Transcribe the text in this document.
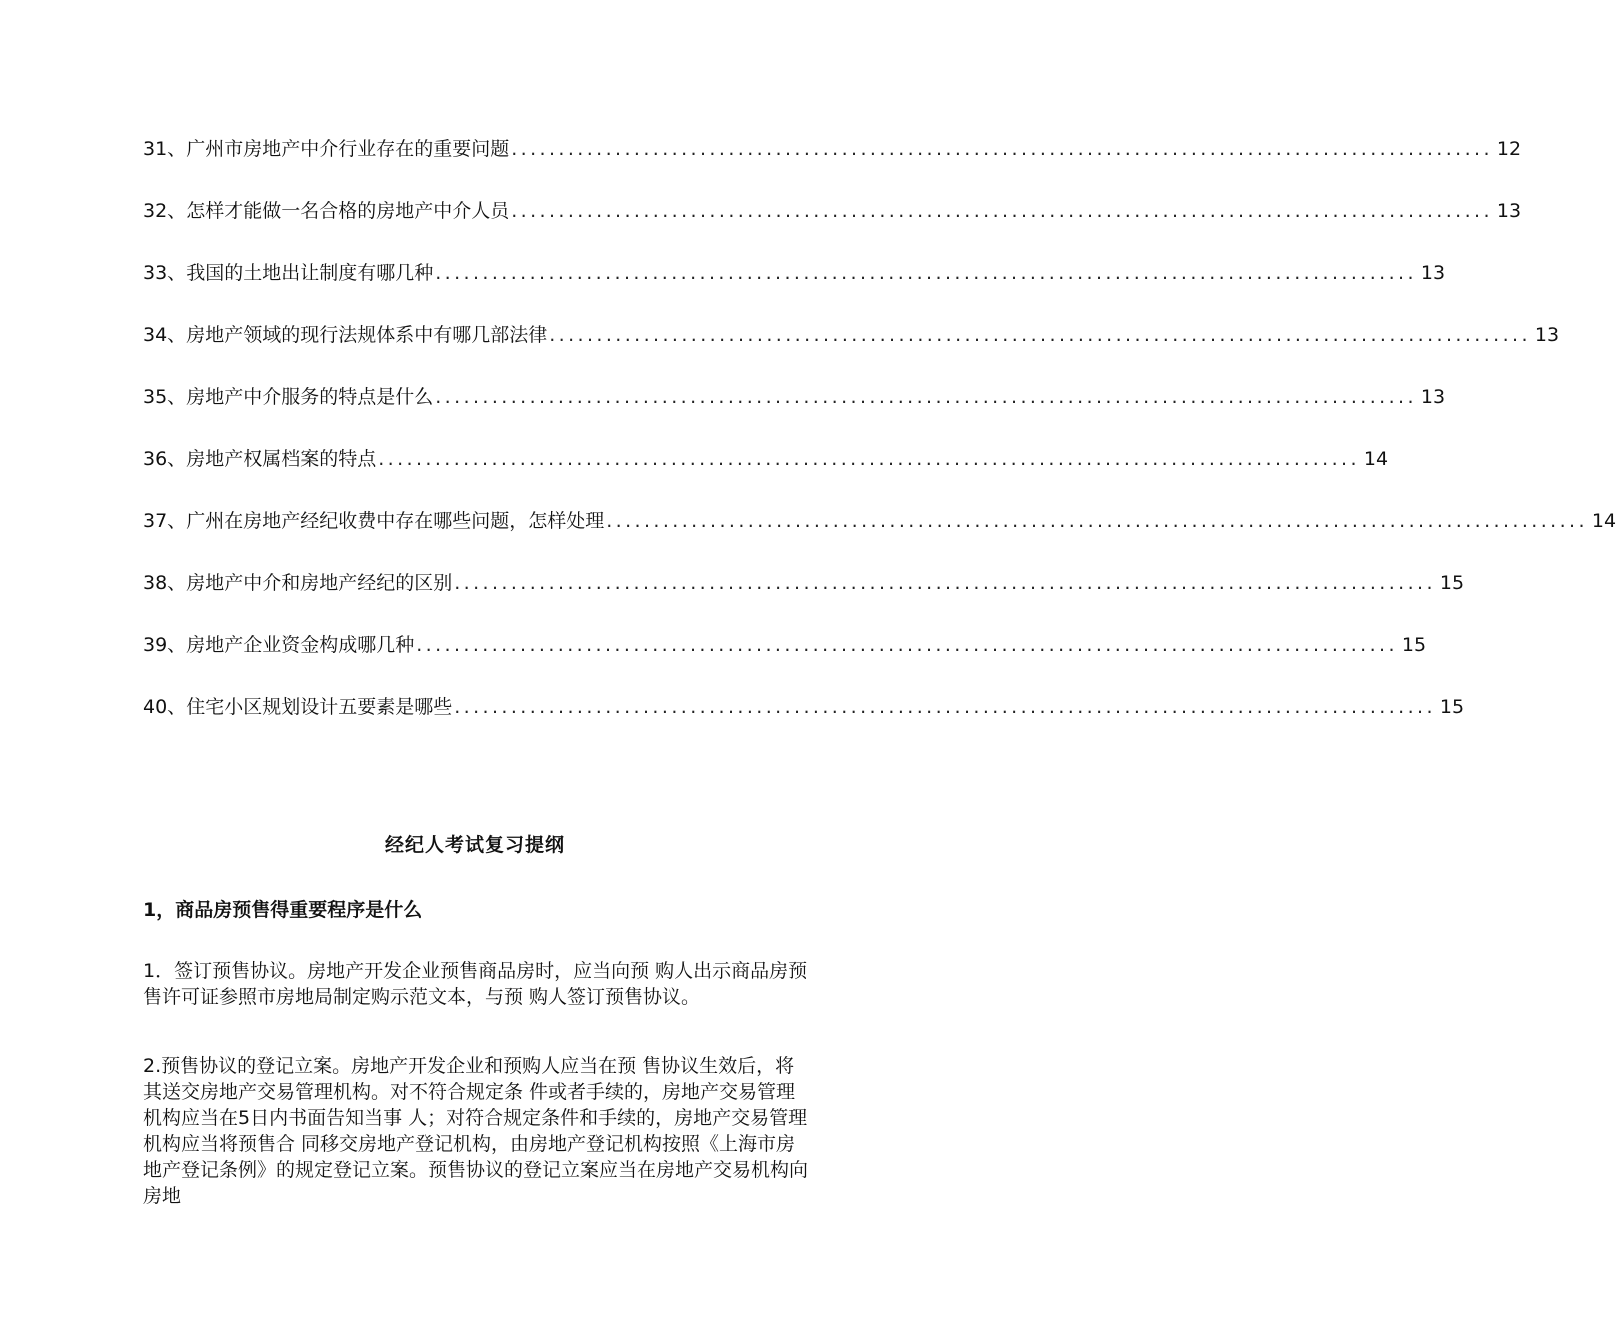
31、 广州市房地产中介行业存在的重要问题 ........................................................................................................ 12
32、 怎样才能做一名合格的房地产中介人员 ........................................................................................................ 13
33、 我国的土地出让制度有哪几种 ........................................................................................................ 13
34、 房地产领域的现行法规体系中有哪几部法律 ........................................................................................................ 13
35、 房地产中介服务的特点是什么 ........................................................................................................ 13
36、 房地产权属档案的特点 ........................................................................................................ 14
37、 广州在房地产经纪收费中存在哪些问题，怎样处理 ........................................................................................................ 14
38、 房地产中介和房地产经纪的区别 ........................................................................................................ 15
39、 房地产企业资金构成哪几种 ........................................................................................................ 15
40、 住宅小区规划设计五要素是哪些 ........................................................................................................ 15
经纪人考试复习提纲
1，商品房预售得重要程序是什么

1．签订预售协议。房地产开发企业预售商品房时，应当向预 购人出示商品房预售许可证参照市房地局制定购示范文本，与预 购人签订预售协议。

2.预售协议的登记立案。房地产开发企业和预购人应当在预 售协议生效后，将其送交房地产交易管理机构。对不符合规定条 件或者手续的，房地产交易管理机构应当在5日内书面告知当事 人；对符合规定条件和手续的，房地产交易管理机构应当将预售合 同移交房地产登记机构，由房地产登记机构按照《上海市房地产登记条例》的规定登记立案。预售协议的登记立案应当在房地产交易机构向房地
